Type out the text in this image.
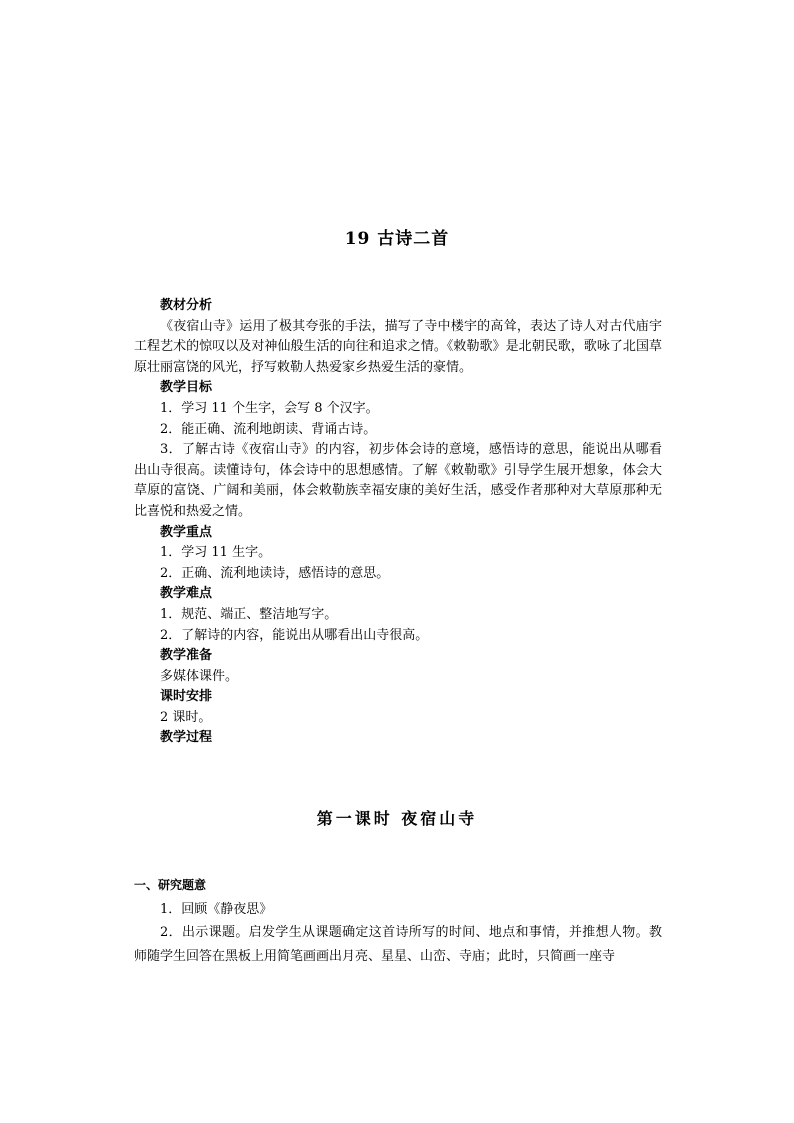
19 古诗二首

教材分析

《夜宿山寺》运用了极其夸张的手法，描写了寺中楼宇的高耸，表达了诗人对古代庙宇工程艺术的惊叹以及对神仙般生活的向往和追求之情。《敕勒歌》是北朝民歌，歌咏了北国草原壮丽富饶的风光，抒写敕勒人热爱家乡热爱生活的豪情。

教学目标

1．学习 11 个生字，会写 8 个汉字。

2．能正确、流利地朗读、背诵古诗。

3．了解古诗《夜宿山寺》的内容，初步体会诗的意境，感悟诗的意思，能说出从哪看出山寺很高。读懂诗句，体会诗中的思想感情。了解《敕勒歌》引导学生展开想象，体会大草原的富饶、广阔和美丽，体会敕勒族幸福安康的美好生活，感受作者那种对大草原那种无比喜悦和热爱之情。

教学重点

1．学习 11 生字。

2．正确、流利地读诗，感悟诗的意思。

教学难点

1．规范、端正、整洁地写字。

2．了解诗的内容，能说出从哪看出山寺很高。

教学准备

多媒体课件。

课时安排

2 课时。

教学过程

第一课时 夜宿山寺

一、研究题意

1．回顾《静夜思》

2．出示课题。启发学生从课题确定这首诗所写的时间、地点和事情，并推想人物。教师随学生回答在黑板上用简笔画画出月亮、星星、山峦、寺庙；此时，只简画一座寺
